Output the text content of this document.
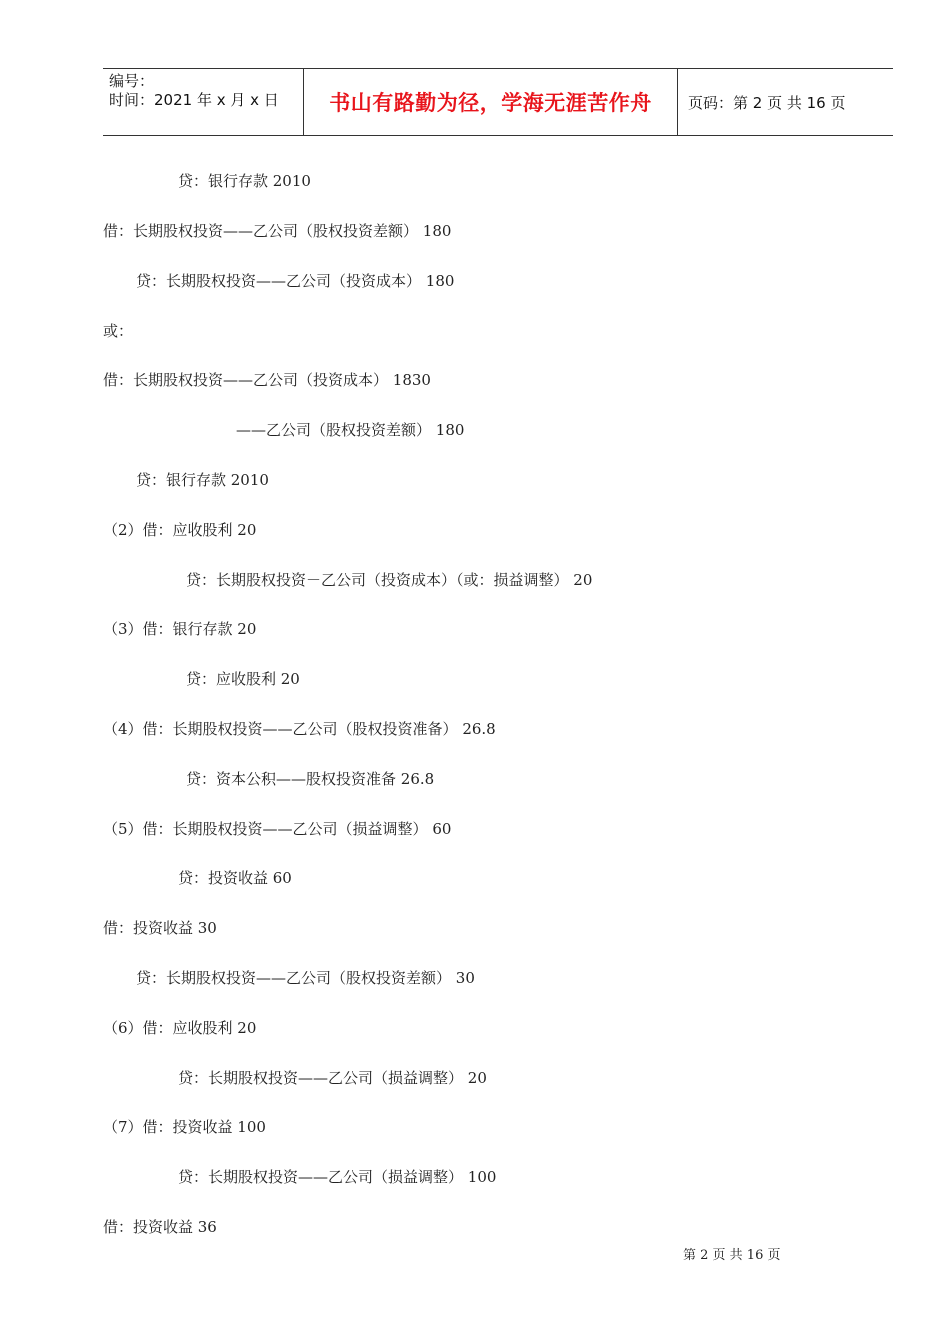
编号：
时间：2021 年 x 月 x 日	书山有路勤为径，学海无涯苦作舟 页码：第 2 页 共 16 页
贷：银行存款 2010
借：长期股权投资——乙公司（股权投资差额） 180
贷：长期股权投资——乙公司（投资成本） 180
或：
借：长期股权投资——乙公司（投资成本） 1830
——乙公司（股权投资差额） 180
贷：银行存款 2010
（2）借：应收股利 20
贷：长期股权投资－乙公司（投资成本）（或：损益调整） 20
（3）借：银行存款 20
贷：应收股利 20
（4）借：长期股权投资——乙公司（股权投资准备） 26.8
贷：资本公积——股权投资准备 26.8
（5）借：长期股权投资——乙公司（损益调整） 60
贷：投资收益 60
借：投资收益 30
贷：长期股权投资——乙公司（股权投资差额） 30
（6）借：应收股利 20
贷：长期股权投资——乙公司（损益调整） 20
（7）借：投资收益 100
贷：长期股权投资——乙公司（损益调整） 100
借：投资收益 36
第 2 页 共 16 页
